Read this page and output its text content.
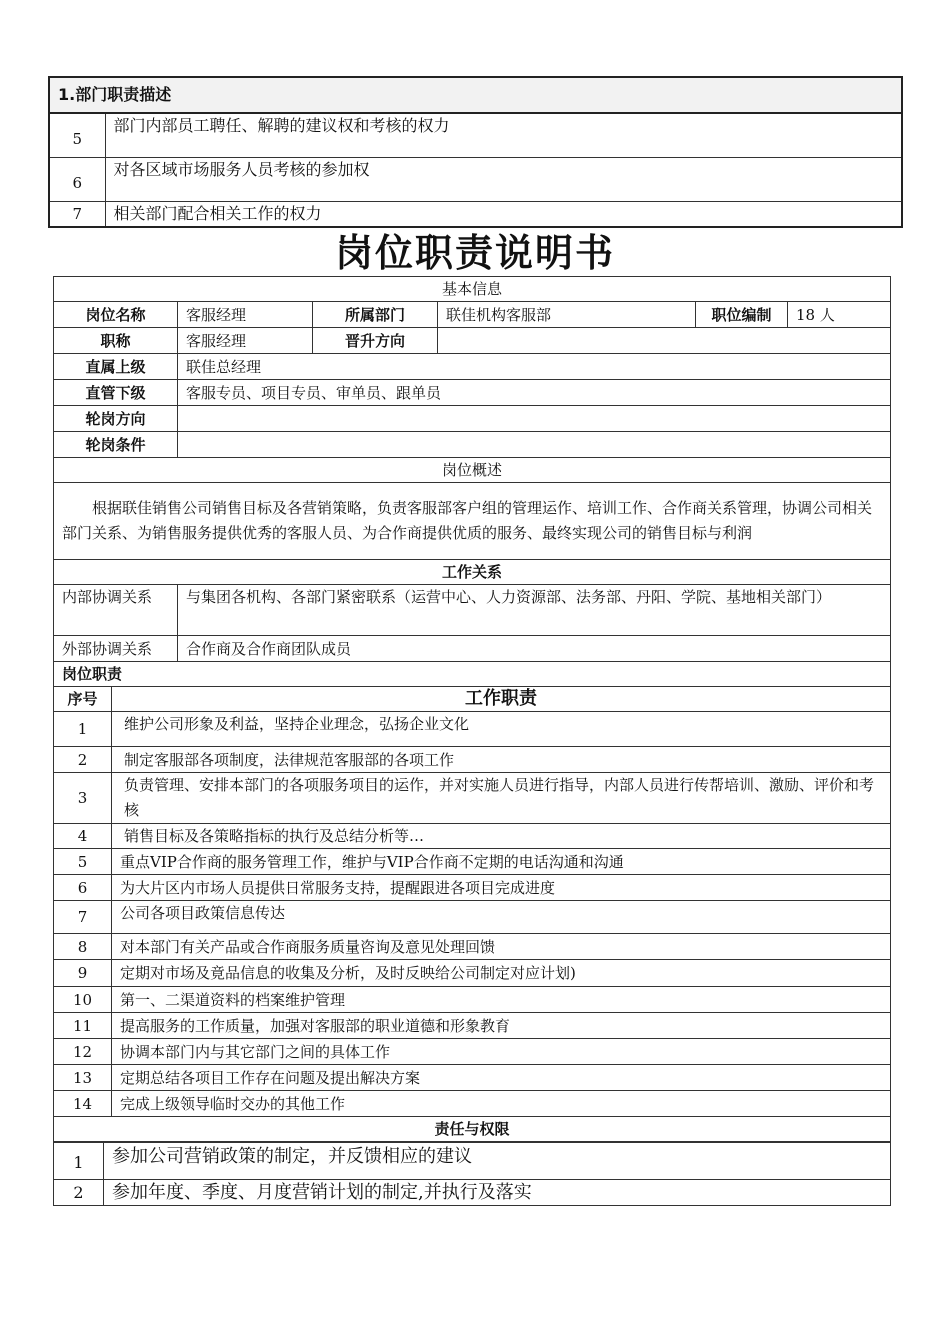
1.部门职责描述	
5	部门内部员工聘任、解聘的建议权和考核的权力
6	对各区域市场服务人员考核的参加权
7	相关部门配合相关工作的权力
岗位职责说明书
基本信息					
岗位名称	客服经理	所属部门	联佳机构客服部	职位编制	18 人
职称	客服经理	晋升方向			
直属上级	联佳总经理				
直管下级	客服专员、项目专员、审单员、跟单员				
轮岗方向					
轮岗条件					
岗位概述					
根据联佳销售公司销售目标及各营销策略，负责客服部客户组的管理运作、培训工作、合作商关系管理，协调公司相关部门关系、为销售服务提供优秀的客服人员、为合作商提供优质的服务、最终实现公司的销售目标与利润					
工作关系					
内部协调关系	与集团各机构、各部门紧密联系（运营中心、人力资源部、法务部、丹阳、学院、基地相关部门）				
外部协调关系	合作商及合作商团队成员				
岗位职责					
序号	工作职责
1	维护公司形象及利益，坚持企业理念，弘扬企业文化
2	制定客服部各项制度，法律规范客服部的各项工作
3	负责管理、安排本部门的各项服务项目的运作，并对实施人员进行指导，内部人员进行传帮培训、激励、评价和考核
4	销售目标及各策略指标的执行及总结分析等…
5	重点VIP合作商的服务管理工作，维护与VIP合作商不定期的电话沟通和沟通
6	为大片区内市场人员提供日常服务支持，提醒跟进各项目完成进度
7	公司各项目政策信息传达
8	对本部门有关产品或合作商服务质量咨询及意见处理回馈
9	定期对市场及竟品信息的收集及分析，及时反映给公司制定对应计划)
10	第一、二渠道资料的档案维护管理
11	提高服务的工作质量，加强对客服部的职业道德和形象教育
12	协调本部门内与其它部门之间的具体工作
13	定期总结各项目工作存在问题及提出解决方案
14	完成上级领导临时交办的其他工作
责任与权限	
1	参加公司营销政策的制定，并反馈相应的建议
2	参加年度、季度、月度营销计划的制定,并执行及落实
